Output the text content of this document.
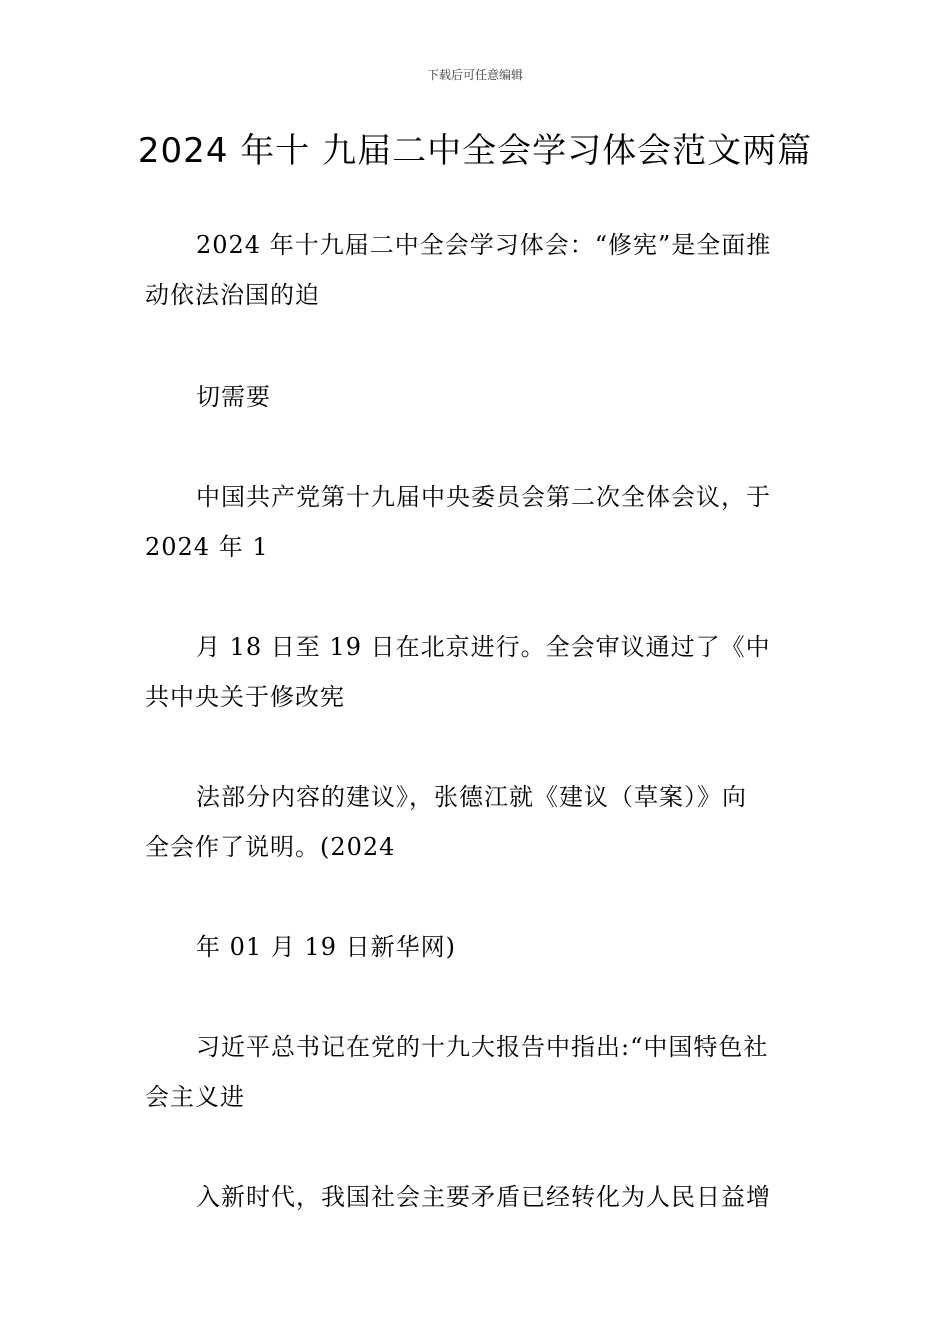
下载后可任意编辑
2024 年十 九届二中全会学习体会范文两篇
2024 年十九届二中全会学习体会：“修宪”是全面推
动依法治国的迫
切需要
中国共产党第十九届中央委员会第二次全体会议，于
2024 年 1
月 18 日至 19 日在北京进行。全会审议通过了《中
共中央关于修改宪
法部分内容的建议》，张德江就《建议（草案）》向
全会作了说明。(2024
年 01 月 19 日新华网)
习近平总书记在党的十九大报告中指出:“中国特色社
会主义进
入新时代，我国社会主要矛盾已经转化为人民日益增
